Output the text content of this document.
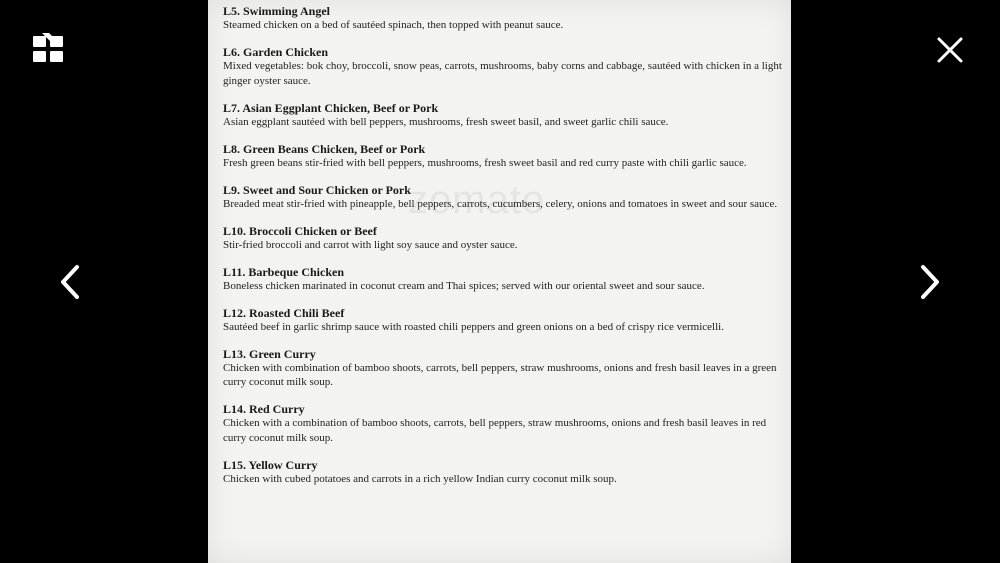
zomato
L5. Swimming Angel
Steamed chicken on a bed of sautéed spinach, then topped with peanut sauce.
L6. Garden Chicken
Mixed vegetables: bok choy, broccoli, snow peas, carrots, mushrooms, baby corns and cabbage, sautéed with chicken in a light ginger oyster sauce.
L7. Asian Eggplant Chicken, Beef or Pork
Asian eggplant sautéed with bell peppers, mushrooms, fresh sweet basil, and sweet garlic chili sauce.
L8. Green Beans Chicken, Beef or Pork
Fresh green beans stir-fried with bell peppers, mushrooms, fresh sweet basil and red curry paste with chili garlic sauce.
L9. Sweet and Sour Chicken or Pork
Breaded meat stir-fried with pineapple, bell peppers, carrots, cucumbers, celery, onions and tomatoes in sweet and sour sauce.
L10. Broccoli Chicken or Beef
Stir-fried broccoli and carrot with light soy sauce and oyster sauce.
L11. Barbeque Chicken
Boneless chicken marinated in coconut cream and Thai spices; served with our oriental sweet and sour sauce.
L12. Roasted Chili Beef
Sautéed beef in garlic shrimp sauce with roasted chili peppers and green onions on a bed of crispy rice vermicelli.
L13. Green Curry
Chicken with combination of bamboo shoots, carrots, bell peppers, straw mushrooms, onions and fresh basil leaves in a green curry coconut milk soup.
L14. Red Curry
Chicken with a combination of bamboo shoots, carrots, bell peppers, straw mushrooms, onions and fresh basil leaves in red curry coconut milk soup.
L15. Yellow Curry
Chicken with cubed potatoes and carrots in a rich yellow Indian curry coconut milk soup.
